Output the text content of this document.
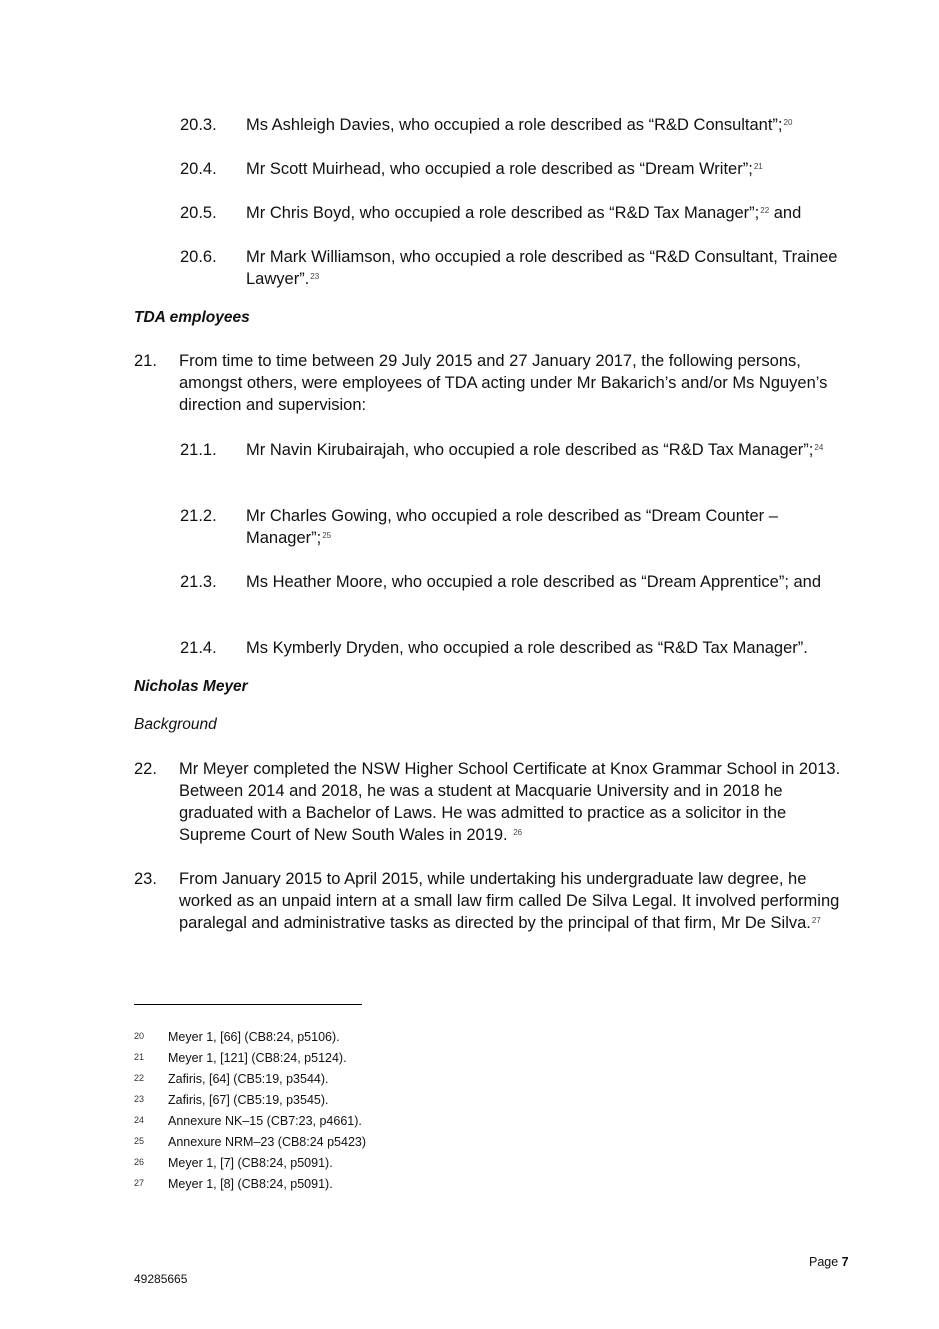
20.3. Ms Ashleigh Davies, who occupied a role described as “R&D Consultant”;$^{20}$
20.4. Mr Scott Muirhead, who occupied a role described as “Dream Writer”;$^{21}$
20.5. Mr Chris Boyd, who occupied a role described as “R&D Tax Manager”;$^{22}$ and
20.6. Mr Mark Williamson, who occupied a role described as “R&D Consultant, Trainee Lawyer”.$^{23}$
TDA employees
21. From time to time between 29 July 2015 and 27 January 2017, the following persons, amongst others, were employees of TDA acting under Mr Bakarich’s and/or Ms Nguyen’s direction and supervision:
21.1. Mr Navin Kirubairajah, who occupied a role described as “R&D Tax Manager”;$^{24}$
21.2. Mr Charles Gowing, who occupied a role described as “Dream Counter – Manager”;$^{25}$
21.3. Ms Heather Moore, who occupied a role described as “Dream Apprentice”; and
21.4. Ms Kymberly Dryden, who occupied a role described as “R&D Tax Manager”.
Nicholas Meyer
Background
22. Mr Meyer completed the NSW Higher School Certificate at Knox Grammar School in 2013. Between 2014 and 2018, he was a student at Macquarie University and in 2018 he graduated with a Bachelor of Laws. He was admitted to practice as a solicitor in the Supreme Court of New South Wales in 2019. $^{26}$
23. From January 2015 to April 2015, while undertaking his undergraduate law degree, he worked as an unpaid intern at a small law firm called De Silva Legal. It involved performing paralegal and administrative tasks as directed by the principal of that firm, Mr De Silva.$^{27}$
20 Meyer 1, [66] (CB8:24, p5106).
21 Meyer 1, [121] (CB8:24, p5124).
22 Zafiris, [64] (CB5:19, p3544).
23 Zafiris, [67] (CB5:19, p3545).
24 Annexure NK–15 (CB7:23, p4661).
25 Annexure NRM–23 (CB8:24 p5423)
26 Meyer 1, [7] (CB8:24, p5091).
27 Meyer 1, [8] (CB8:24, p5091).
Page 7
49285665
